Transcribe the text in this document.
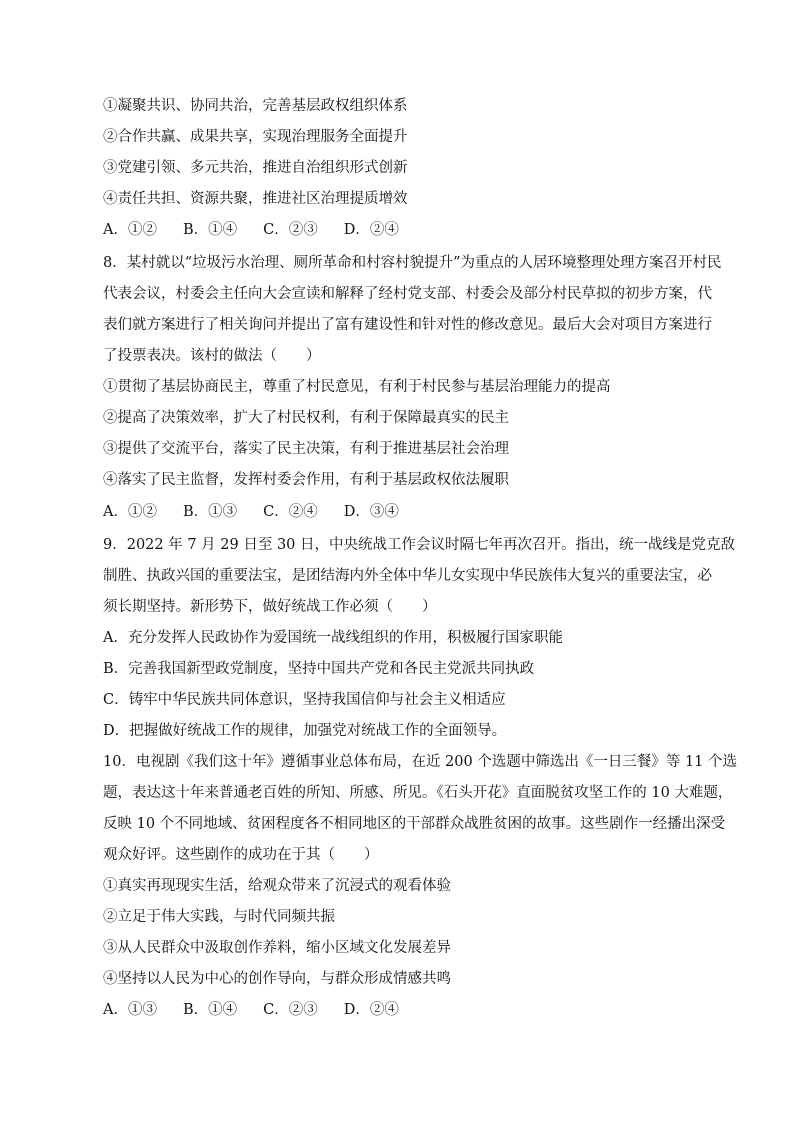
①凝聚共识、协同共治，完善基层政权组织体系
②合作共赢、成果共享，实现治理服务全面提升
③党建引领、多元共治，推进自治组织形式创新
④责任共担、资源共聚，推进社区治理提质增效
A．①② B．①④ C．②③ D．②④
8．某村就以“垃圾污水治理、厕所革命和村容村貌提升”为重点的人居环境整理处理方案召开村民
代表会议，村委会主任向大会宣读和解释了经村党支部、村委会及部分村民草拟的初步方案，代
表们就方案进行了相关询问并提出了富有建设性和针对性的修改意见。最后大会对项目方案进行
了投票表决。该村的做法（　　）
①贯彻了基层协商民主，尊重了村民意见，有利于村民参与基层治理能力的提高
②提高了决策效率，扩大了村民权利，有利于保障最真实的民主
③提供了交流平台，落实了民主决策，有利于推进基层社会治理
④落实了民主监督，发挥村委会作用，有利于基层政权依法履职
A．①② B．①③ C．②④ D．③④
9．2022 年 7 月 29 日至 30 日，中央统战工作会议时隔七年再次召开。指出，统一战线是党克敌
制胜、执政兴国的重要法宝，是团结海内外全体中华儿女实现中华民族伟大复兴的重要法宝，必
须长期坚持。新形势下，做好统战工作必须（　　）
A．充分发挥人民政协作为爱国统一战线组织的作用，积极履行国家职能
B．完善我国新型政党制度，坚持中国共产党和各民主党派共同执政
C．铸牢中华民族共同体意识，坚持我国信仰与社会主义相适应
D．把握做好统战工作的规律，加强党对统战工作的全面领导。
10．电视剧《我们这十年》遵循事业总体布局，在近 200 个选题中筛选出《一日三餐》等 11 个选
题，表达这十年来普通老百姓的所知、所感、所见。《石头开花》直面脱贫攻坚工作的 10 大难题，
反映 10 个不同地域、贫困程度各不相同地区的干部群众战胜贫困的故事。这些剧作一经播出深受
观众好评。这些剧作的成功在于其（　　）
①真实再现现实生活，给观众带来了沉浸式的观看体验
②立足于伟大实践，与时代同频共振
③从人民群众中汲取创作养料，缩小区域文化发展差异
④坚持以人民为中心的创作导向，与群众形成情感共鸣
A．①③ B．①④ C．②③ D．②④
